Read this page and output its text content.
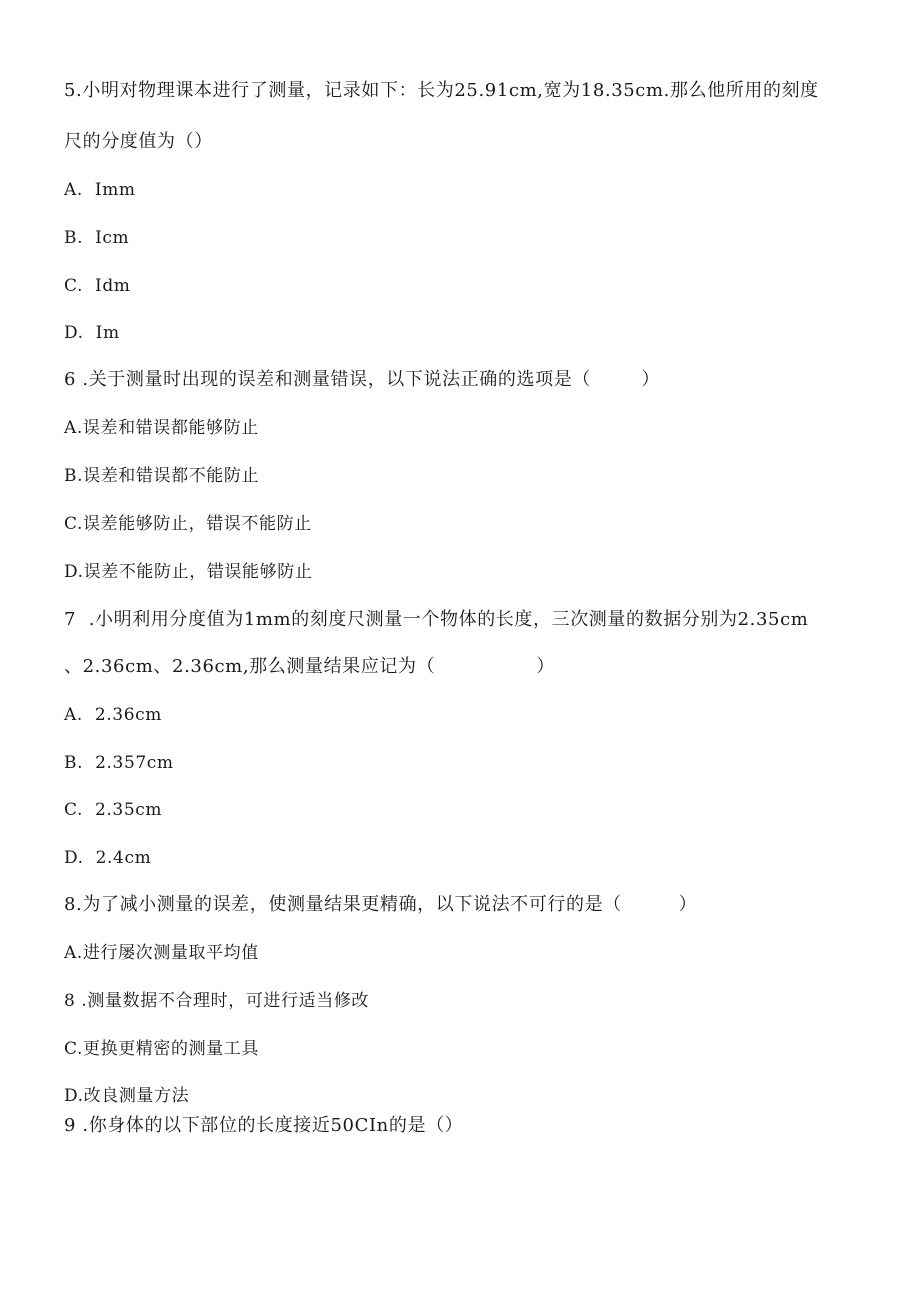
5.小明对物理课本进行了测量，记录如下：长为25.91cm,宽为18.35cm.那么他所用的刻度
尺的分度值为（）
A.  Imm
B.  Icm
C.  Idm
D.  Im
6 .关于测量时出现的误差和测量错误，以下说法正确的选项是（        ）
A.误差和错误都能够防止
B.误差和错误都不能防止
C.误差能够防止，错误不能防止
D.误差不能防止，错误能够防止
7  .小明利用分度值为1mm的刻度尺测量一个物体的长度，三次测量的数据分别为2.35cm
、2.36cm、2.36cm,那么测量结果应记为（                ）
A.  2.36cm
B.  2.357cm
C.  2.35cm
D.  2.4cm
8.为了减小测量的误差，使测量结果更精确，以下说法不可行的是（         ）
A.进行屡次测量取平均值
8 .测量数据不合理时，可进行适当修改
C.更换更精密的测量工具
D.改良测量方法
9 .你身体的以下部位的长度接近50CIn的是（）
